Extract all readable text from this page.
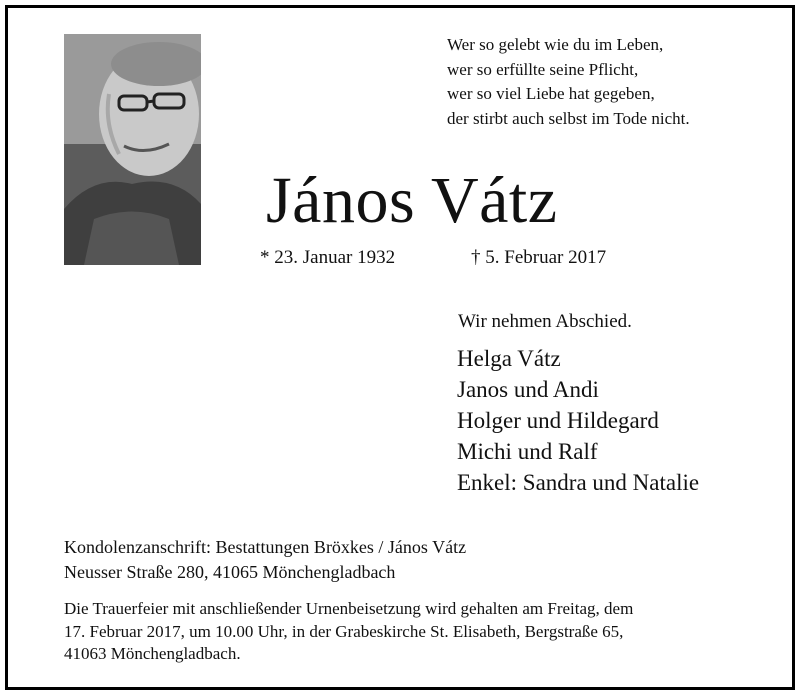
Wer so gelebt wie du im Leben,
wer so erfüllte seine Pflicht,
wer so viel Liebe hat gegeben,
der stirbt auch selbst im Tode nicht.
János Vátz
* 23. Januar 1932	† 5. Februar 2017
Wir nehmen Abschied.
Helga Vátz
Janos und Andi
Holger und Hildegard
Michi und Ralf
Enkel: Sandra und Natalie
Kondolenzanschrift: Bestattungen Bröxkes / János Vátz
Neusser Straße 280, 41065 Mönchengladbach
Die Trauerfeier mit anschließender Urnenbeisetzung wird gehalten am Freitag, dem
17. Februar 2017, um 10.00 Uhr, in der Grabeskirche St. Elisabeth, Bergstraße 65,
41063 Mönchengladbach.
